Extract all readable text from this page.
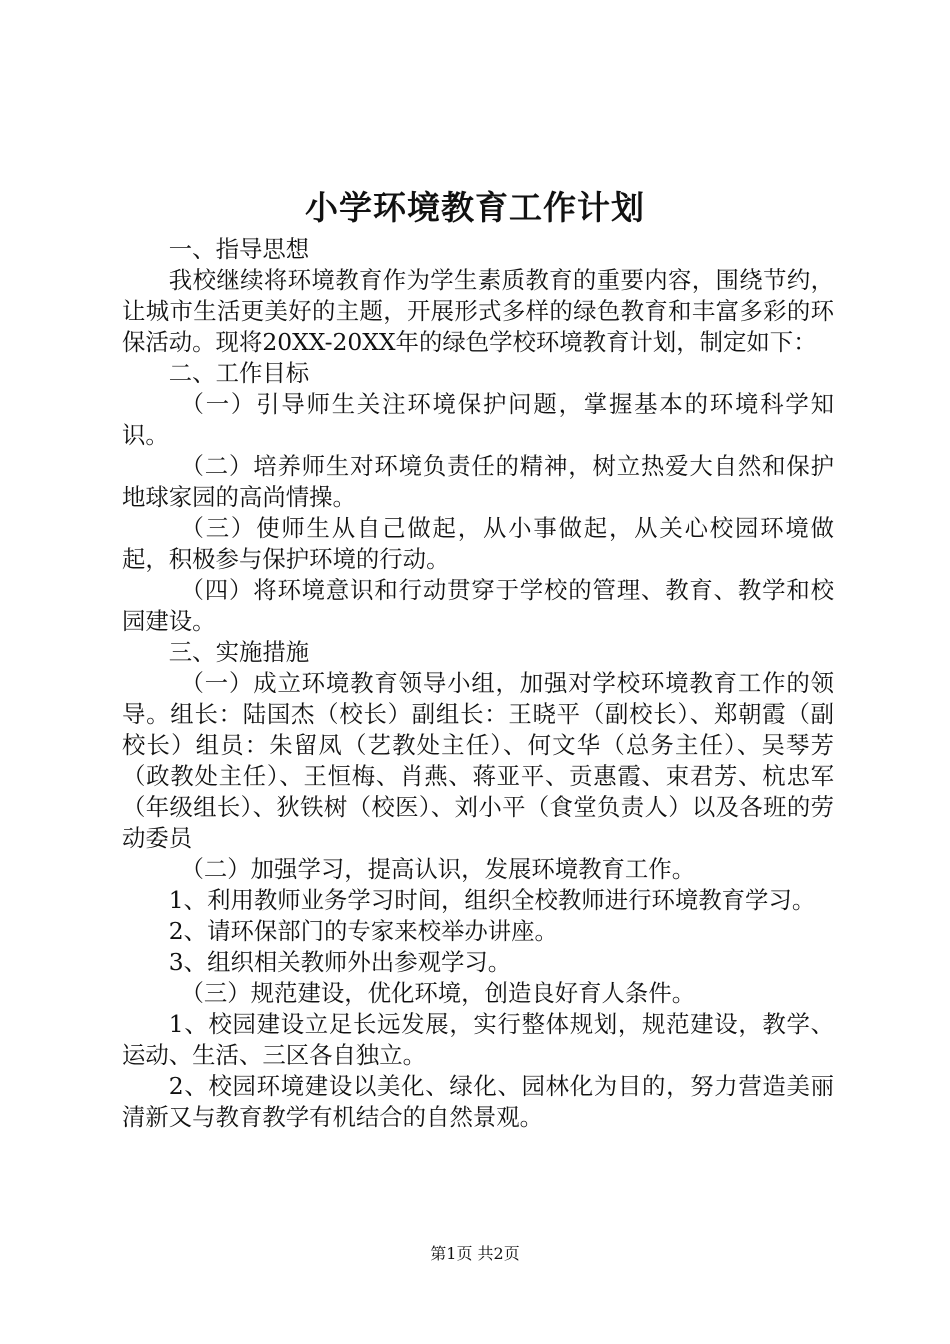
小学环境教育工作计划

一、指导思想

我校继续将环境教育作为学生素质教育的重要内容，围绕节约，让城市生活更美好的主题，开展形式多样的绿色教育和丰富多彩的环保活动。现将20XX-20XX年的绿色学校环境教育计划，制定如下：

二、工作目标

（一）引导师生关注环境保护问题，掌握基本的环境科学知识。

（二）培养师生对环境负责任的精神，树立热爱大自然和保护地球家园的高尚情操。

（三）使师生从自己做起，从小事做起，从关心校园环境做起，积极参与保护环境的行动。

（四）将环境意识和行动贯穿于学校的管理、教育、教学和校园建设。

三、实施措施

（一）成立环境教育领导小组，加强对学校环境教育工作的领导。组长：陆国杰（校长）副组长：王晓平（副校长）、郑朝霞（副校长）组员：朱留凤（艺教处主任）、何文华（总务主任）、吴琴芳（政教处主任）、王恒梅、肖燕、蒋亚平、贡惠霞、束君芳、杭忠军（年级组长）、狄铁树（校医）、刘小平（食堂负责人）以及各班的劳动委员

（二）加强学习，提高认识，发展环境教育工作。

1、利用教师业务学习时间，组织全校教师进行环境教育学习。

2、请环保部门的专家来校举办讲座。

3、组织相关教师外出参观学习。

（三）规范建设，优化环境，创造良好育人条件。

1、校园建设立足长远发展，实行整体规划，规范建设，教学、运动、生活、三区各自独立。

2、校园环境建设以美化、绿化、园林化为目的，努力营造美丽清新又与教育教学有机结合的自然景观。

第1页 共2页
